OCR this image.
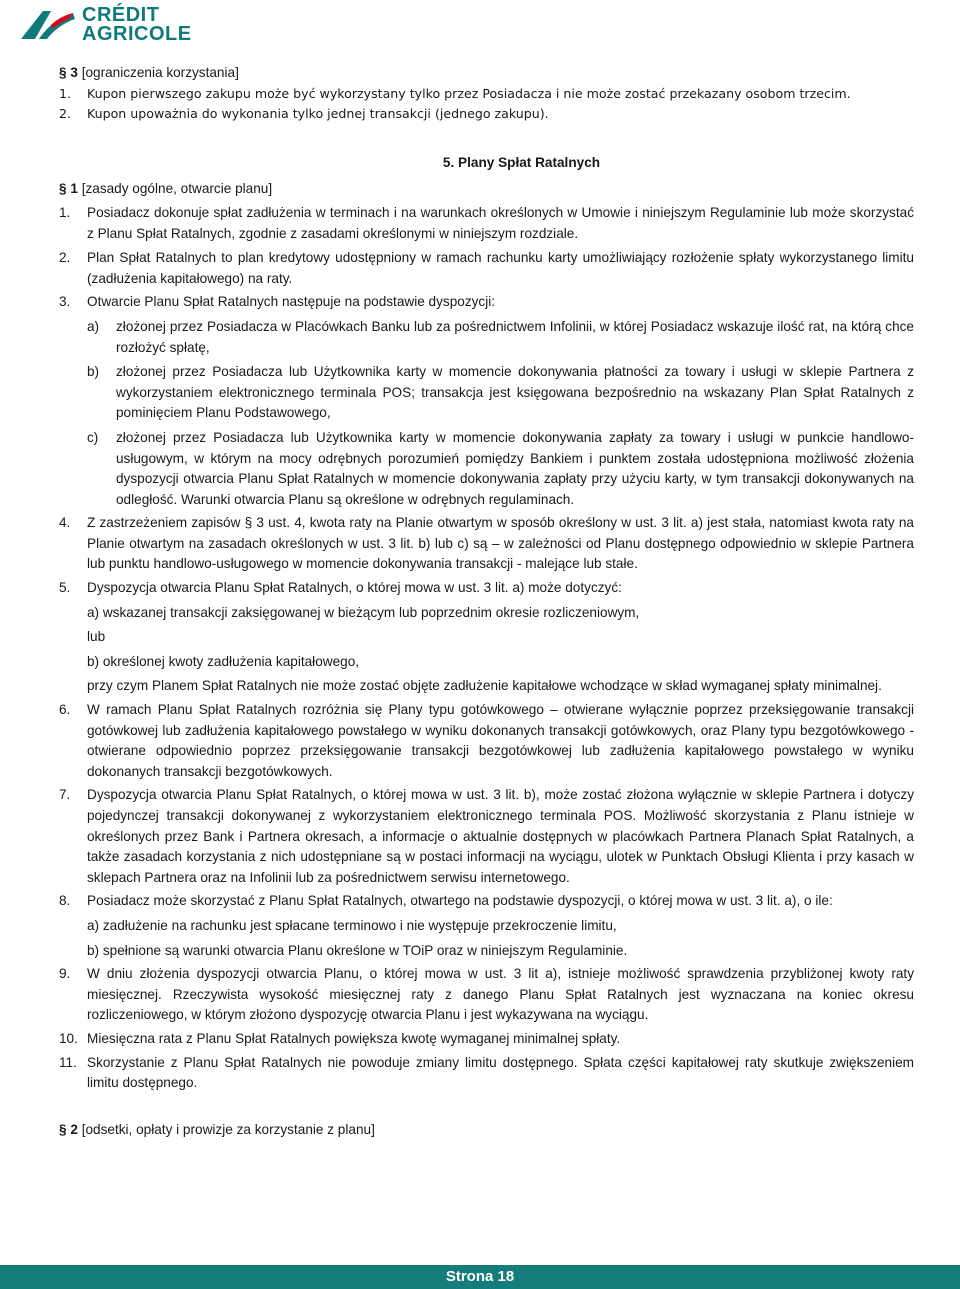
CRÉDIT
AGRICOLE

§ 3 [ograniczenia korzystania]

1.	Kupon pierwszego zakupu może być wykorzystany tylko przez Posiadacza i nie może zostać przekazany osobom trzecim.
2.	Kupon upoważnia do wykonania tylko jednej transakcji (jednego zakupu).

5. Plany Spłat Ratalnych

§ 1 [zasady ogólne, otwarcie planu]

1.	Posiadacz dokonuje spłat zadłużenia w terminach i na warunkach określonych w Umowie i niniejszym Regulaminie lub może skorzystać z Planu Spłat Ratalnych, zgodnie z zasadami określonymi w niniejszym rozdziale.
2.	Plan Spłat Ratalnych to plan kredytowy udostępniony w ramach rachunku karty umożliwiający rozłożenie spłaty wykorzystanego limitu (zadłużenia kapitałowego) na raty.
3.	Otwarcie Planu Spłat Ratalnych następuje na podstawie dyspozycji:
a)	złożonej przez Posiadacza w Placówkach Banku lub za pośrednictwem Infolinii, w której Posiadacz wskazuje ilość rat, na którą chce rozłożyć spłatę,
b)	złożonej przez Posiadacza lub Użytkownika karty w momencie dokonywania płatności za towary i usługi w sklepie Partnera z wykorzystaniem elektronicznego terminala POS; transakcja jest księgowana bezpośrednio na wskazany Plan Spłat Ratalnych z pominięciem Planu Podstawowego,
c)	złożonej przez Posiadacza lub Użytkownika karty w momencie dokonywania zapłaty za towary i usługi w punkcie handlowo-usługowym, w którym na mocy odrębnych porozumień pomiędzy Bankiem i punktem została udostępniona możliwość złożenia dyspozycji otwarcia Planu Spłat Ratalnych w momencie dokonywania zapłaty przy użyciu karty, w tym transakcji dokonywanych na odległość. Warunki otwarcia Planu są określone w odrębnych regulaminach.
4.	Z zastrzeżeniem zapisów § 3 ust. 4, kwota raty na Planie otwartym w sposób określony w ust. 3 lit. a) jest stała, natomiast kwota raty na Planie otwartym na zasadach określonych w ust. 3 lit. b) lub c) są – w zależności od Planu dostępnego odpowiednio w sklepie Partnera lub punktu handlowo-usługowego w momencie dokonywania transakcji - malejące lub stałe.
5.	Dyspozycja otwarcia Planu Spłat Ratalnych, o której mowa w ust. 3 lit. a) może dotyczyć:
a) wskazanej transakcji zaksięgowanej w bieżącym lub poprzednim okresie rozliczeniowym,
lub
b) określonej kwoty zadłużenia kapitałowego,
przy czym Planem Spłat Ratalnych nie może zostać objęte zadłużenie kapitałowe wchodzące w skład wymaganej spłaty minimalnej.
6.	W ramach Planu Spłat Ratalnych rozróżnia się Plany typu gotówkowego – otwierane wyłącznie poprzez przeksięgowanie transakcji gotówkowej lub zadłużenia kapitałowego powstałego w wyniku dokonanych transakcji gotówkowych, oraz Plany typu bezgotówkowego - otwierane odpowiednio poprzez przeksięgowanie transakcji bezgotówkowej lub zadłużenia kapitałowego powstałego w wyniku dokonanych transakcji bezgotówkowych.
7.	Dyspozycja otwarcia Planu Spłat Ratalnych, o której mowa w ust. 3 lit. b), może zostać złożona wyłącznie w sklepie Partnera i dotyczy pojedynczej transakcji dokonywanej z wykorzystaniem elektronicznego terminala POS. Możliwość skorzystania z Planu istnieje w określonych przez Bank i Partnera okresach, a informacje o aktualnie dostępnych w placówkach Partnera Planach Spłat Ratalnych, a także zasadach korzystania z nich udostępniane są w postaci informacji na wyciągu, ulotek w Punktach Obsługi Klienta i przy kasach w sklepach Partnera oraz na Infolinii lub za pośrednictwem serwisu internetowego.
8.	Posiadacz może skorzystać z Planu Spłat Ratalnych, otwartego na podstawie dyspozycji, o której mowa w ust. 3 lit. a), o ile:
a) zadłużenie na rachunku jest spłacane terminowo i nie występuje przekroczenie limitu,
b) spełnione są warunki otwarcia Planu określone w TOiP oraz w niniejszym Regulaminie.
9.	W dniu złożenia dyspozycji otwarcia Planu, o której mowa w ust. 3 lit a), istnieje możliwość sprawdzenia przybliżonej kwoty raty miesięcznej. Rzeczywista wysokość miesięcznej raty z danego Planu Spłat Ratalnych jest wyznaczana na koniec okresu rozliczeniowego, w którym złożono dyspozycję otwarcia Planu i jest wykazywana na wyciągu.
10. Miesięczna rata z Planu Spłat Ratalnych powiększa kwotę wymaganej minimalnej spłaty.
11. Skorzystanie z Planu Spłat Ratalnych nie powoduje zmiany limitu dostępnego. Spłata części kapitałowej raty skutkuje zwiększeniem limitu dostępnego.

§ 2 [odsetki, opłaty i prowizje za korzystanie z planu]

Strona 18
